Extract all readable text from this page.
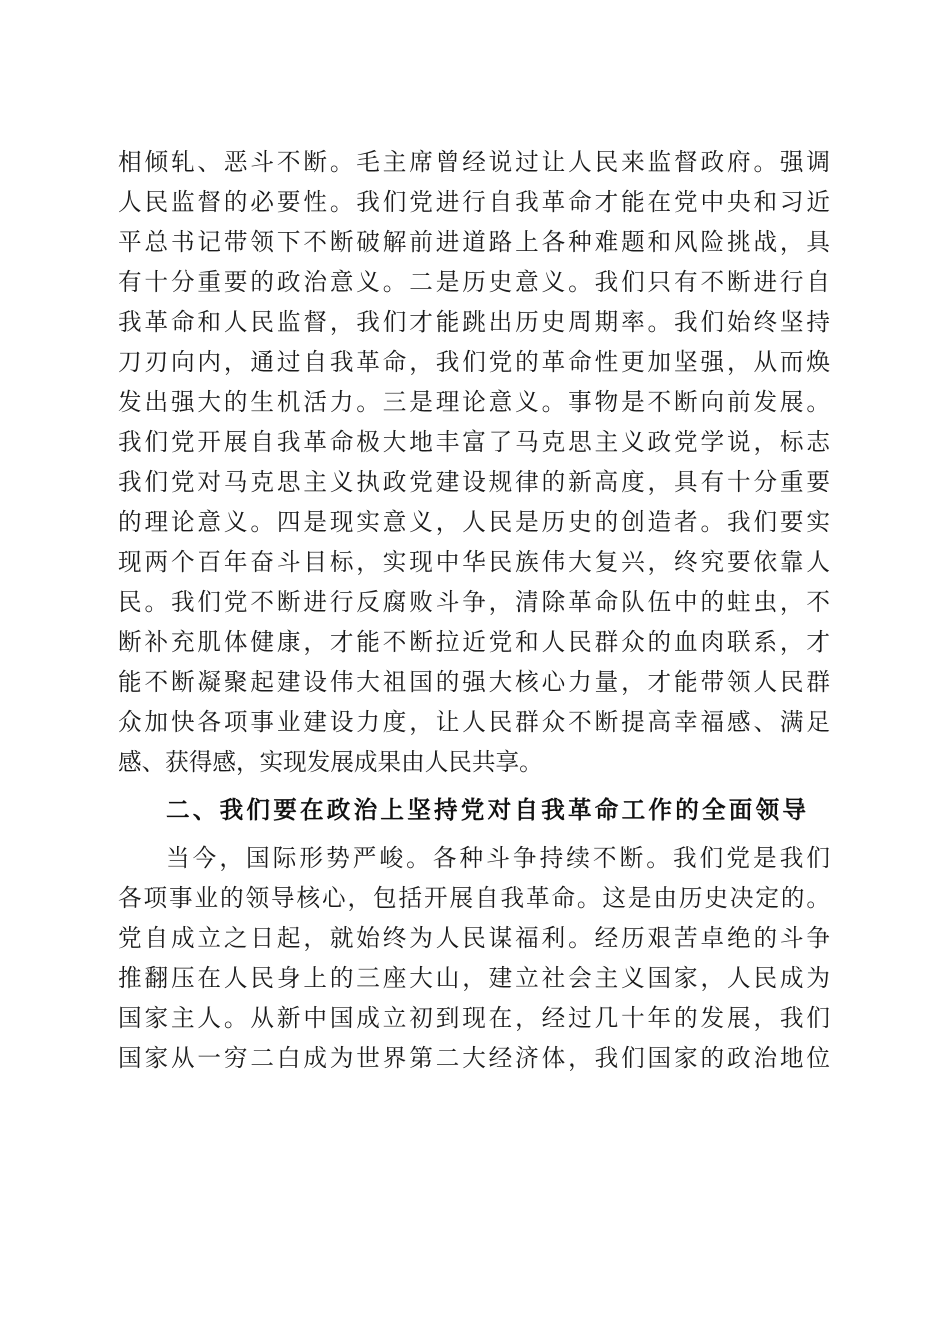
相倾轧、恶斗不断。毛主席曾经说过让人民来监督政府。强调
人民监督的必要性。我们党进行自我革命才能在党中央和习近
平总书记带领下不断破解前进道路上各种难题和风险挑战，具
有十分重要的政治意义。二是历史意义。我们只有不断进行自
我革命和人民监督，我们才能跳出历史周期率。我们始终坚持
刀刃向内，通过自我革命，我们党的革命性更加坚强，从而焕
发出强大的生机活力。三是理论意义。事物是不断向前发展。
我们党开展自我革命极大地丰富了马克思主义政党学说，标志
我们党对马克思主义执政党建设规律的新高度，具有十分重要
的理论意义。四是现实意义，人民是历史的创造者。我们要实
现两个百年奋斗目标，实现中华民族伟大复兴，终究要依靠人
民。我们党不断进行反腐败斗争，清除革命队伍中的蛀虫，不
断补充肌体健康，才能不断拉近党和人民群众的血肉联系，才
能不断凝聚起建设伟大祖国的强大核心力量，才能带领人民群
众加快各项事业建设力度，让人民群众不断提高幸福感、满足
感、获得感，实现发展成果由人民共享。
二、我们要在政治上坚持党对自我革命工作的全面领导
当今，国际形势严峻。各种斗争持续不断。我们党是我们
各项事业的领导核心，包括开展自我革命。这是由历史决定的。
党自成立之日起，就始终为人民谋福利。经历艰苦卓绝的斗争
推翻压在人民身上的三座大山，建立社会主义国家，人民成为
国家主人。从新中国成立初到现在，经过几十年的发展，我们
国家从一穷二白成为世界第二大经济体，我们国家的政治地位
